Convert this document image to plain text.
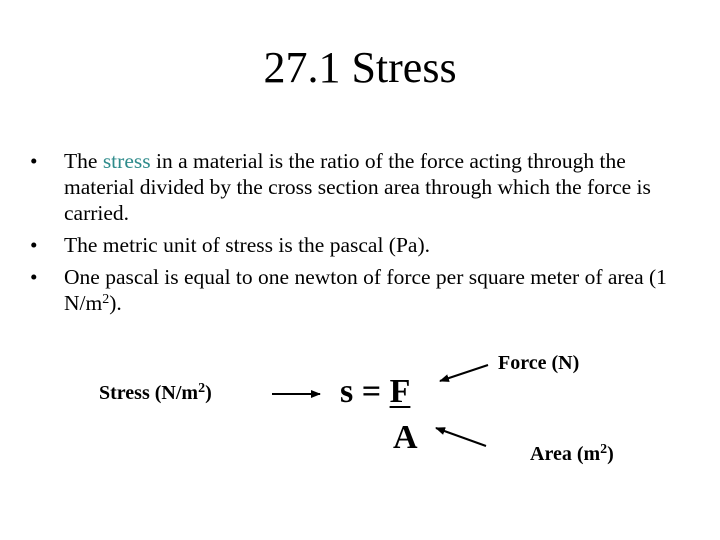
27.1 Stress
•	The stress in a material is the ratio of the force acting through the material divided by the cross section area through which the force is carried.
•	The metric unit of stress is the pascal (Pa).
•	One pascal is equal to one newton of force per square meter of area (1 $N/m^2$).
Stress $(N/m^2)$	s = F
A
Force (N)
Area $(m^2)$
